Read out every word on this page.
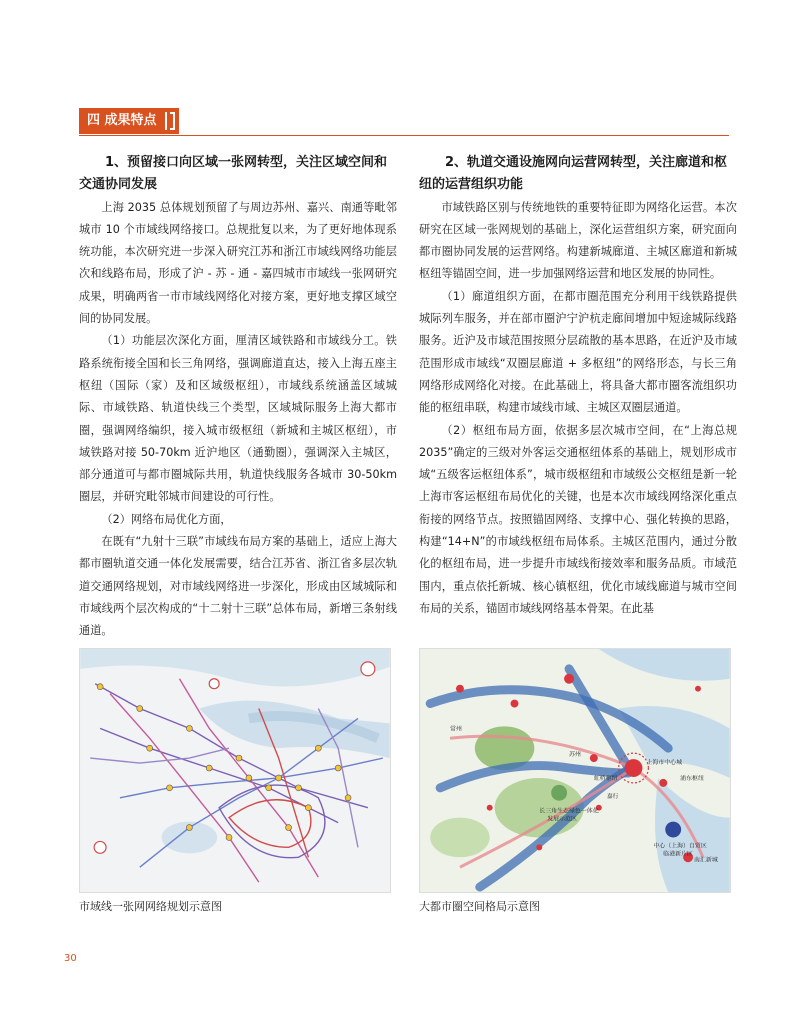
四 成果特点
1、预留接口向区域一张网转型，关注区域空间和交通协同发展

上海 2035 总体规划预留了与周边苏州、嘉兴、南通等毗邻城市 10 个市域线网络接口。总规批复以来，为了更好地体现系统功能，本次研究进一步深入研究江苏和浙江市域线网络功能层次和线路布局，形成了沪 - 苏 - 通 - 嘉四城市市域线一张网研究成果，明确两省一市市域线网络化对接方案，更好地支撑区域空间的协同发展。

（1）功能层次深化方面，厘清区域铁路和市域线分工。铁路系统衔接全国和长三角网络，强调廊道直达，接入上海五座主枢纽（国际（家）及和区域级枢纽），市域线系统涵盖区域城际、市域铁路、轨道快线三个类型，区域城际服务上海大都市圈，强调网络编织，接入城市级枢纽（新城和主城区枢纽），市域铁路对接 50-70km 近沪地区（通勤圈），强调深入主城区，部分通道可与都市圈城际共用，轨道快线服务各城市 30-50km 圈层，并研究毗邻城市间建设的可行性。

（2）网络布局优化方面，

在既有“九射十三联”市域线布局方案的基础上，适应上海大都市圈轨道交通一体化发展需要，结合江苏省、浙江省多层次轨道交通网络规划，对市域线网络进一步深化，形成由区域城际和市域线两个层次构成的“十二射十三联”总体布局，新增三条射线通道。

2、轨道交通设施网向运营网转型，关注廊道和枢纽的运营组织功能

市域铁路区别与传统地铁的重要特征即为网络化运营。本次研究在区域一张网规划的基础上，深化运营组织方案，研究面向都市圈协同发展的运营网络。构建新城廊道、主城区廊道和新城枢纽等锚固空间，进一步加强网络运营和地区发展的协同性。

（1）廊道组织方面，在都市圈范围充分利用干线铁路提供城际列车服务，并在部市圈沪宁沪杭走廊间增加中短途城际线路服务。近沪及市域范围按照分层疏散的基本思路，在近沪及市域范围形成市域线“双圈层廊道 + 多枢纽”的网络形态，与长三角网络形成网络化对接。在此基础上，将具备大都市圈客流组织功能的枢纽串联，构建市域线市域、主城区双圈层通道。

（2）枢纽布局方面，依据多层次城市空间，在“上海总规 2035”确定的三级对外客运交通枢纽体系的基础上，规划形成市域“五级客运枢纽体系”，城市级枢纽和市域级公交枢纽是新一轮上海市客运枢纽布局优化的关键，也是本次市域线网络深化重点衔接的网络节点。按照锚固网络、支撑中心、强化转换的思路，构建“14+N”的市域线枢纽布局体系。主城区范围内，通过分散化的枢纽布局，进一步提升市域线衔接效率和服务品质。市域范围内，重点依托新城、核心镇枢纽，优化市域线廊道与城市空间布局的关系，锚固市域线网络基本骨架。在此基

上海市中心城
虹桥枢纽
苏州
常州
嘉行
浦东枢纽
南汇新城
长三角生态绿色一体化
发展示范区
中心（上海）自贸区
临港新片区
市域线一张网网络规划示意图	大都市圈空间格局示意图
30
